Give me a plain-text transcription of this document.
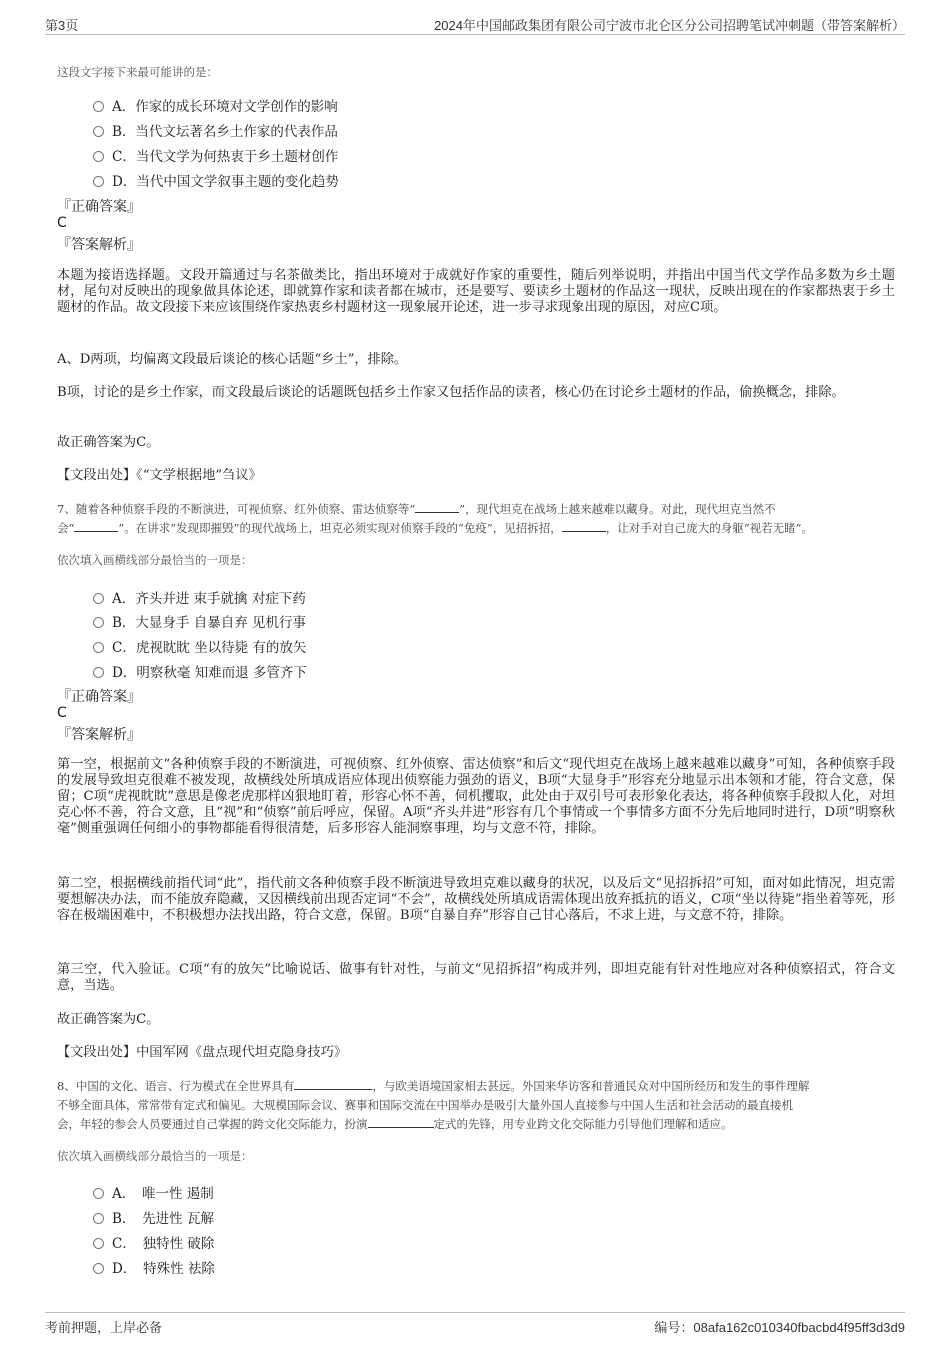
第3页	2024年中国邮政集团有限公司宁波市北仑区分公司招聘笔试冲刺题（带答案解析）
这段文字接下来最可能讲的是：
A．作家的成长环境对文学创作的影响
B．当代文坛著名乡土作家的代表作品
C．当代文学为何热衷于乡土题材创作
D．当代中国文学叙事主题的变化趋势
『正确答案』
C
『答案解析』
本题为接语选择题。文段开篇通过与名茶做类比，指出环境对于成就好作家的重要性，随后列举说明，并指出中国当代文学作品多数为乡土题材，尾句对反映出的现象做具体论述，即就算作家和读者都在城市，还是要写、要读乡土题材的作品这一现状，反映出现在的作家都热衷于乡土题材的作品。故文段接下来应该围绕作家热衷乡村题材这一现象展开论述，进一步寻求现象出现的原因，对应C项。
A、D两项，均偏离文段最后谈论的核心话题“乡土”，排除。
B项，讨论的是乡土作家，而文段最后谈论的话题既包括乡土作家又包括作品的读者，核心仍在讨论乡土题材的作品，偷换概念，排除。
故正确答案为C。
【文段出处】《“文学根据地”刍议》
7、随着各种侦察手段的不断演进，可视侦察、红外侦察、雷达侦察等“	”，现代坦克在战场上越来越难以藏身。对此，现代坦克当然不
会“	”。在讲求“发现即摧毁”的现代战场上，坦克必须实现对侦察手段的“免疫”，见招拆招，	，让对手对自己庞大的身躯“视若无睹”。
依次填入画横线部分最恰当的一项是：
A．齐头并进 束手就擒 对症下药
B．大显身手 自暴自弃 见机行事
C．虎视眈眈 坐以待毙 有的放矢
D．明察秋毫 知难而退 多管齐下
『正确答案』
C
『答案解析』
第一空，根据前文“各种侦察手段的不断演进，可视侦察、红外侦察、雷达侦察”和后文“现代坦克在战场上越来越难以藏身”可知，各种侦察手段的发展导致坦克很难不被发现，故横线处所填成语应体现出侦察能力强劲的语义，B项“大显身手”形容充分地显示出本领和才能，符合文意，保留；C项“虎视眈眈”意思是像老虎那样凶狠地盯着，形容心怀不善，伺机攫取，此处由于双引号可表形象化表达，将各种侦察手段拟人化，对坦克心怀不善，符合文意，且“视”和“侦察”前后呼应，保留。A项“齐头并进”形容有几个事情或一个事情多方面不分先后地同时进行，D项“明察秋毫”侧重强调任何细小的事物都能看得很清楚，后多形容人能洞察事理，均与文意不符，排除。
第二空，根据横线前指代词“此”，指代前文各种侦察手段不断演进导致坦克难以藏身的状况，以及后文“见招拆招”可知，面对如此情况，坦克需要想解决办法，而不能放弃隐藏，又因横线前出现否定词“不会”，故横线处所填成语需体现出放弃抵抗的语义，C项“坐以待毙”指坐着等死，形容在极端困难中，不积极想办法找出路，符合文意，保留。B项“自暴自弃”形容自己甘心落后，不求上进，与文意不符，排除。
第三空，代入验证。C项“有的放矢”比喻说话、做事有针对性，与前文“见招拆招”构成并列，即坦克能有针对性地应对各种侦察招式，符合文意，当选。
故正确答案为C。
【文段出处】中国军网《盘点现代坦克隐身技巧》
8、中国的文化、语言、行为模式在全世界具有	，与欧美语境国家相去甚远。外国来华访客和普通民众对中国所经历和发生的事件理解
不够全面具体，常常带有定式和偏见。大规模国际会议、赛事和国际交流在中国举办是吸引大量外国人直接参与中国人生活和社会活动的最直接机
会，年轻的参会人员要通过自己掌握的跨文化交际能力，扮演	定式的先锋，用专业跨文化交际能力引导他们理解和适应。
依次填入画横线部分最恰当的一项是：
A．　唯一性 遏制
B．　先进性 瓦解
C．　独特性 破除
D．　特殊性 祛除
考前押题，上岸必备	编号：08afa162c010340fbacbd4f95ff3d3d9
